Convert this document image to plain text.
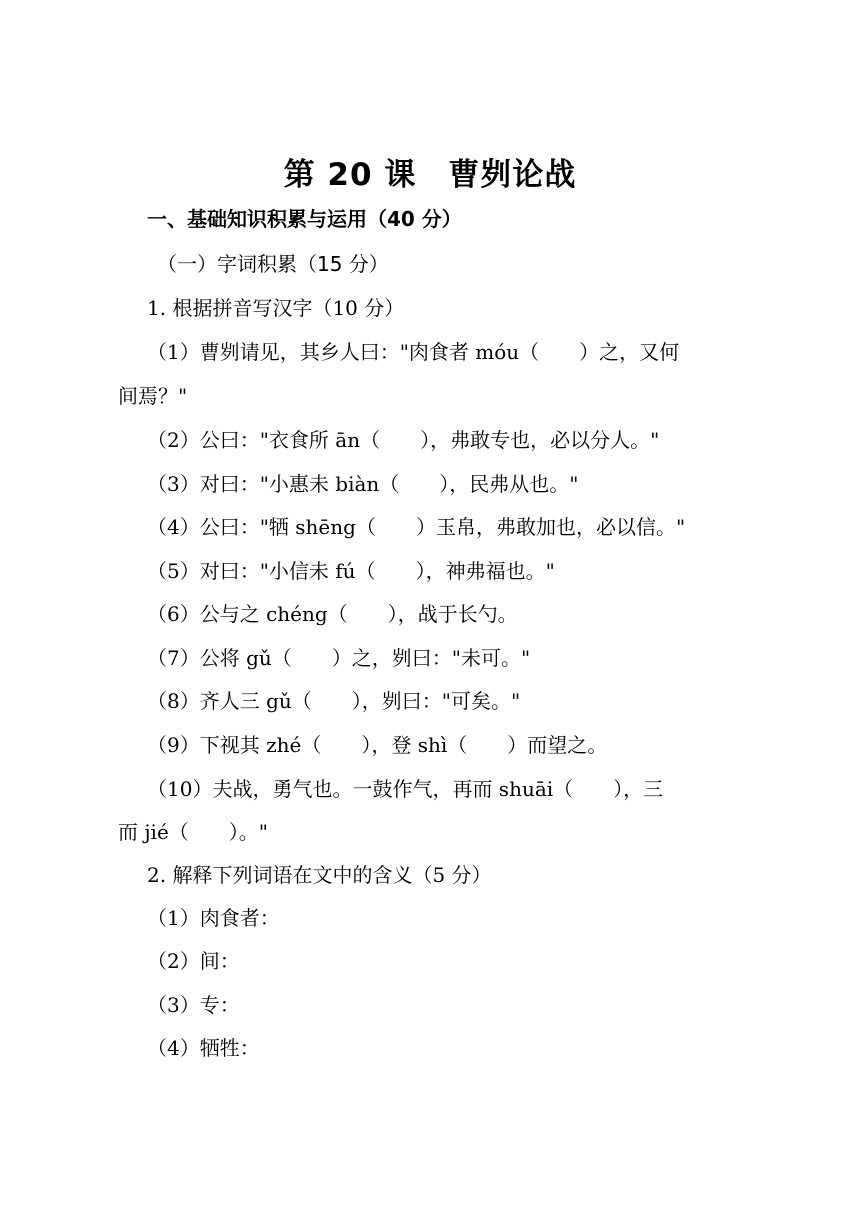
第 20 课　曹刿论战
一、基础知识积累与运用（40 分）
（一）字词积累（15 分）
1. 根据拼音写汉字（10 分）
（1）曹刿请见，其乡人曰："肉食者 móu（　　）之，又何
间焉？"
（2）公曰："衣食所 ān（　　），弗敢专也，必以分人。"
（3）对曰："小惠未 biàn（　　），民弗从也。"
（4）公曰："牺 shēng（　　）玉帛，弗敢加也，必以信。"
（5）对曰："小信未 fú（　　），神弗福也。"
（6）公与之 chéng（　　），战于长勺。
（7）公将 gǔ（　　）之，刿曰："未可。"
（8）齐人三 gǔ（　　），刿曰："可矣。"
（9）下视其 zhé（　　），登 shì（　　）而望之。
（10）夫战，勇气也。一鼓作气，再而 shuāi（　　），三
而 jié（　　）。"
2. 解释下列词语在文中的含义（5 分）
（1）肉食者：
（2）间：
（3）专：
（4）牺牲：
